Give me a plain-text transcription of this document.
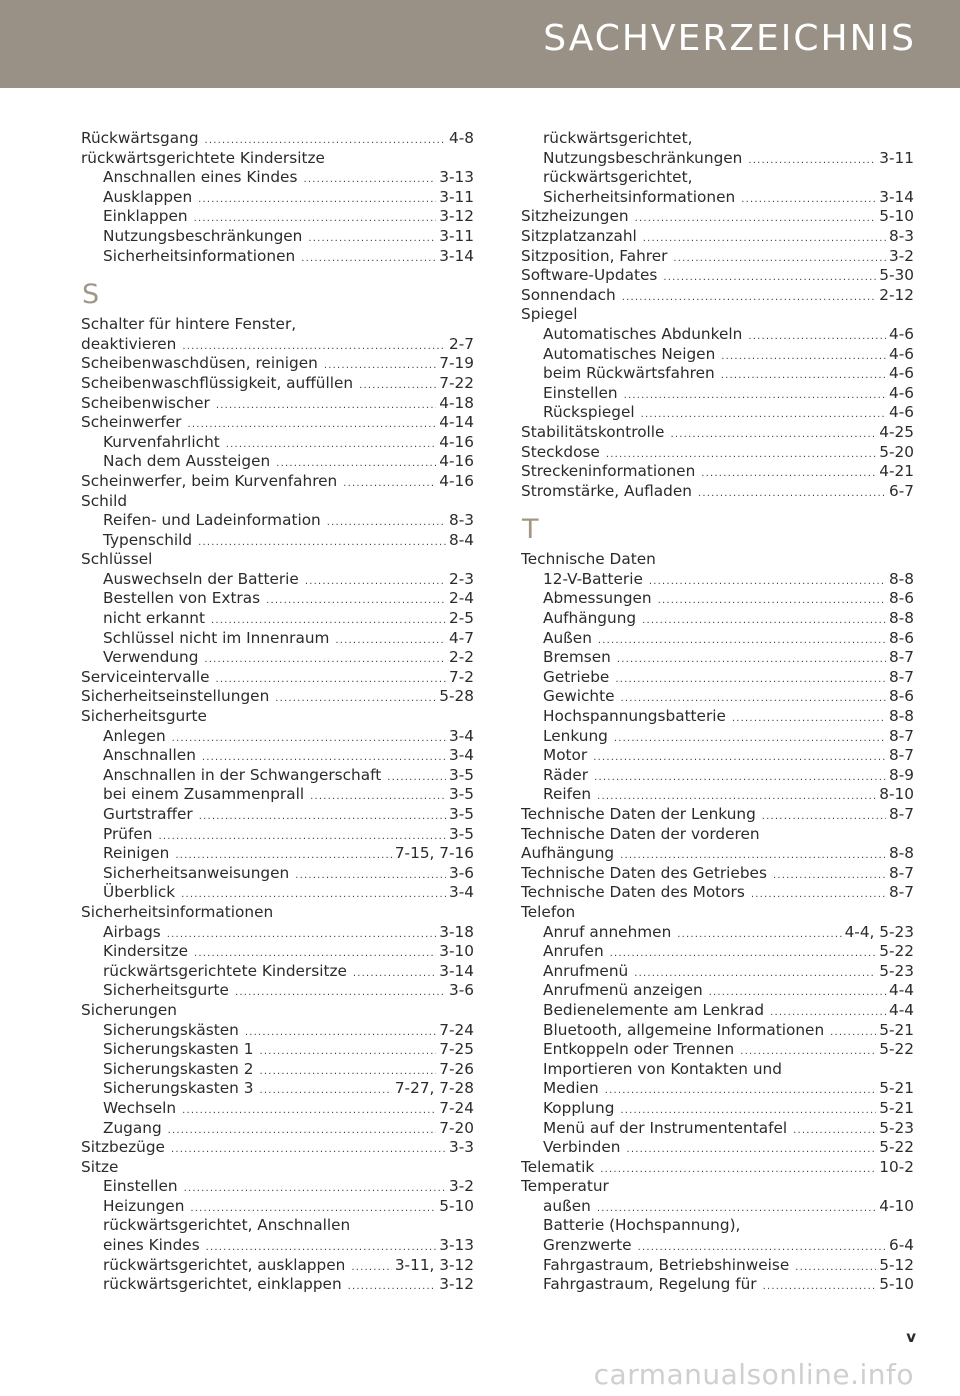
SACHVERZEICHNIS
Rückwärtsgang .....	4-8
rückwärtsgerichtete Kindersitze
Anschnallen eines Kindes .....	3-13
Ausklappen .....	3-11
Einklappen .....	3-12
Nutzungsbeschränkungen .....	3-11
Sicherheitsinformationen .....	3-14
S
Schalter für hintere Fenster,
deaktivieren .....	2-7
Scheibenwaschdüsen, reinigen .....	7-19
Scheibenwaschflüssigkeit, auffüllen .....	7-22
Scheibenwischer .....	4-18
Scheinwerfer .....	4-14
Kurvenfahrlicht .....	4-16
Nach dem Aussteigen .....	4-16
Scheinwerfer, beim Kurvenfahren .....	4-16
Schild
Reifen- und Ladeinformation .....	8-3
Typenschild .....	8-4
Schlüssel
Auswechseln der Batterie .....	2-3
Bestellen von Extras .....	2-4
nicht erkannt .....	2-5
Schlüssel nicht im Innenraum .....	4-7
Verwendung .....	2-2
Serviceintervalle .....	7-2
Sicherheitseinstellungen .....	5-28
Sicherheitsgurte
Anlegen .....	3-4
Anschnallen .....	3-4
Anschnallen in der Schwangerschaft .....	3-5
bei einem Zusammenprall .....	3-5
Gurtstraffer .....	3-5
Prüfen .....	3-5
Reinigen .....	7-15, 7-16
Sicherheitsanweisungen .....	3-6
Überblick .....	3-4
Sicherheitsinformationen
Airbags .....	3-18
Kindersitze .....	3-10
rückwärtsgerichtete Kindersitze .....	3-14
Sicherheitsgurte .....	3-6
Sicherungen
Sicherungskästen .....	7-24
Sicherungskasten 1 .....	7-25
Sicherungskasten 2 .....	7-26
Sicherungskasten 3 .....	7-27, 7-28
Wechseln .....	7-24
Zugang .....	7-20
Sitzbezüge .....	3-3
Sitze
Einstellen .....	3-2
Heizungen .....	5-10
rückwärtsgerichtet, Anschnallen
eines Kindes .....	3-13
rückwärtsgerichtet, ausklappen .....	3-11, 3-12
rückwärtsgerichtet, einklappen .....	3-12
rückwärtsgerichtet,
Nutzungsbeschränkungen .....	3-11
rückwärtsgerichtet,
Sicherheitsinformationen .....	3-14
Sitzheizungen .....	5-10
Sitzplatzanzahl .....	8-3
Sitzposition, Fahrer .....	3-2
Software-Updates .....	5-30
Sonnendach .....	2-12
Spiegel
Automatisches Abdunkeln .....	4-6
Automatisches Neigen .....	4-6
beim Rückwärtsfahren .....	4-6
Einstellen .....	4-6
Rückspiegel .....	4-6
Stabilitätskontrolle .....	4-25
Steckdose .....	5-20
Streckeninformationen .....	4-21
Stromstärke, Aufladen .....	6-7
T
Technische Daten
12-V-Batterie .....	8-8
Abmessungen .....	8-6
Aufhängung .....	8-8
Außen .....	8-6
Bremsen .....	8-7
Getriebe .....	8-7
Gewichte .....	8-6
Hochspannungsbatterie .....	8-8
Lenkung .....	8-7
Motor .....	8-7
Räder .....	8-9
Reifen .....	8-10
Technische Daten der Lenkung .....	8-7
Technische Daten der vorderen
Aufhängung .....	8-8
Technische Daten des Getriebes .....	8-7
Technische Daten des Motors .....	8-7
Telefon
Anruf annehmen .....	4-4, 5-23
Anrufen .....	5-22
Anrufmenü .....	5-23
Anrufmenü anzeigen .....	4-4
Bedienelemente am Lenkrad .....	4-4
Bluetooth, allgemeine Informationen .....	5-21
Entkoppeln oder Trennen .....	5-22
Importieren von Kontakten und
Medien .....	5-21
Kopplung .....	5-21
Menü auf der Instrumententafel .....	5-23
Verbinden .....	5-22
Telematik .....	10-2
Temperatur
außen .....	4-10
Batterie (Hochspannung),
Grenzwerte .....	6-4
Fahrgastraum, Betriebshinweise .....	5-12
Fahrgastraum, Regelung für .....	5-10
v
carmanualsonline.info
